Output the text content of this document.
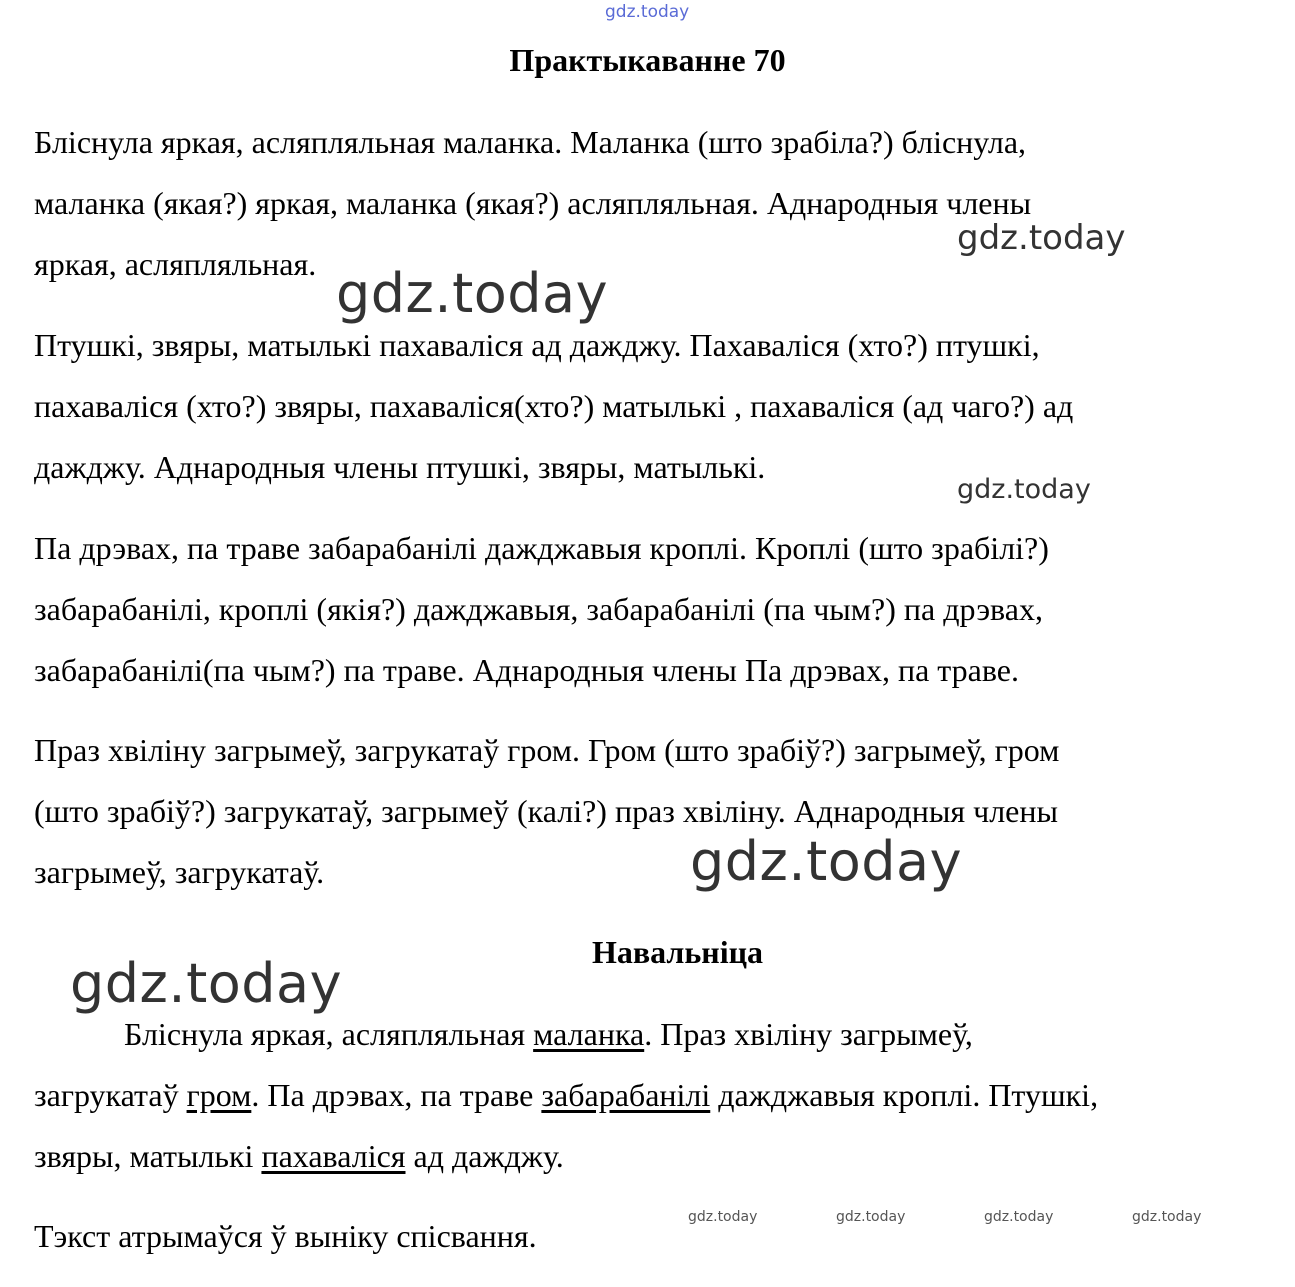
gdz.today
gdz.today
gdz.today
gdz.today
gdz.today
gdz.today
gdz.today	gdz.today	gdz.today	gdz.today
Практыкаванне 70

Бліснула яркая, асляпляльная маланка. Маланка (што зрабіла?) бліснула,
маланка (якая?) яркая, маланка (якая?) асляпляльная. Аднародныя члены
яркая, асляпляльная.

Птушкі, звяры, матылькі пахаваліся ад дажджу. Пахаваліся (хто?) птушкі,
пахаваліся (хто?) звяры, пахаваліся(хто?) матылькі , пахаваліся (ад чаго?) ад
дажджу. Аднародныя члены птушкі, звяры, матылькі.

Па дрэвах, па траве забарабанілі дажджавыя кроплі. Кроплі (што зрабілі?)
забарабанілі, кроплі (якія?) дажджавыя, забарабанілі (па чым?) па дрэвах,
забарабанілі(па чым?) па траве. Аднародныя члены Па дрэвах, па траве.

Праз хвіліну загрымеў, загрукатаў гром. Гром (што зрабіў?) загрымеў, гром
(што зрабіў?) загрукатаў, загрымеў (калі?) праз хвіліну. Аднародныя члены
загрымеў, загрукатаў.

Навальніца

Бліснула яркая, асляпляльная маланка. Праз хвіліну загрымеў,
загрукатаў гром. Па дрэвах, па траве забарабанілі дажджавыя кроплі. Птушкі,
звяры, матылькі пахаваліся ад дажджу.

Тэкст атрымаўся ў выніку спісвання.
